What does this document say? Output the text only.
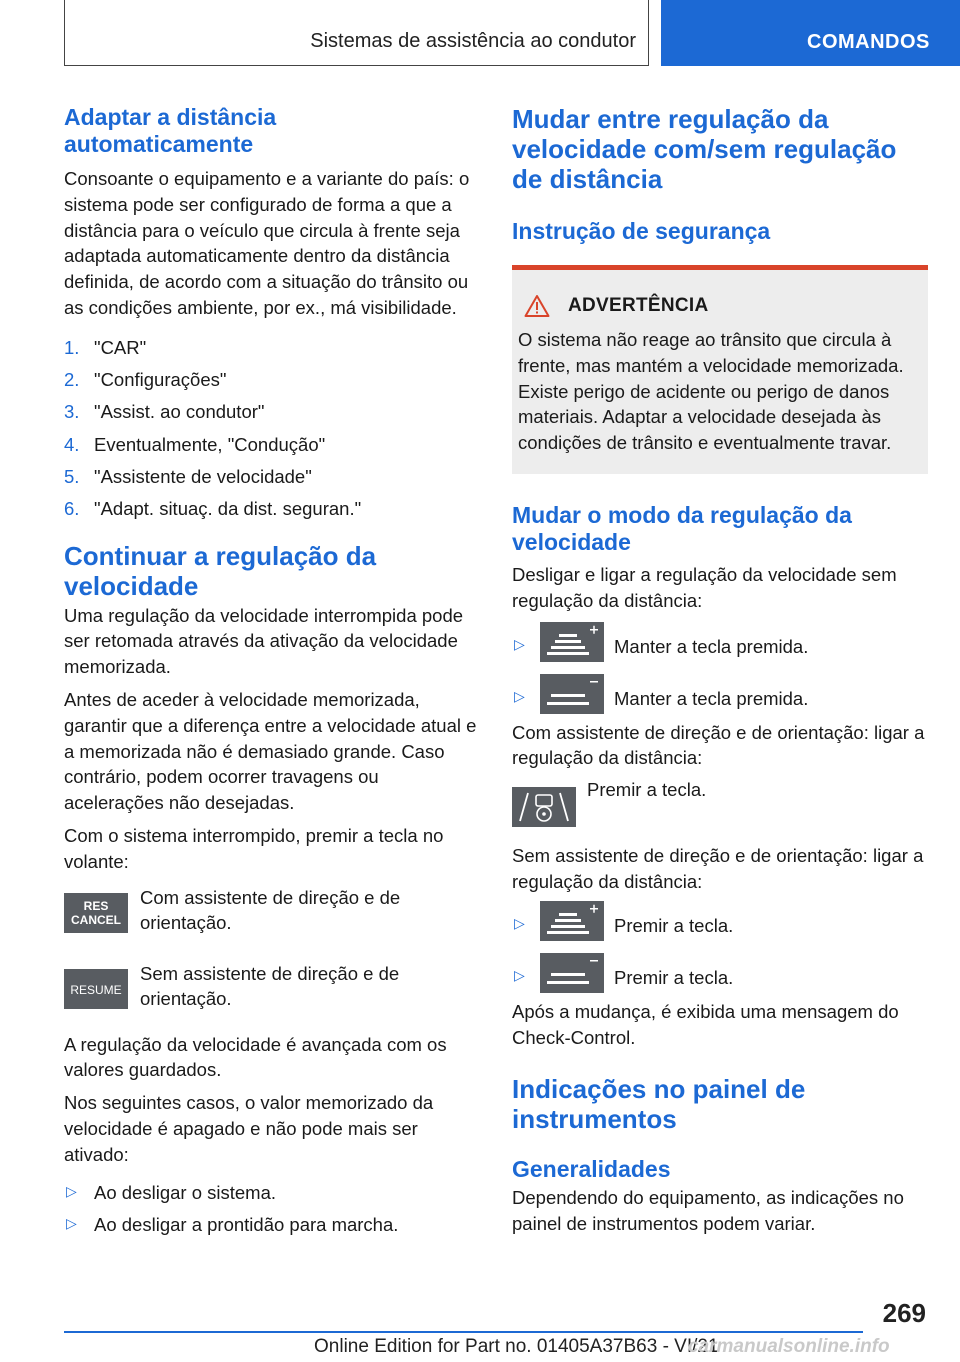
Sistemas de assistência ao condutor	COMANDOS
Adaptar a distância automaticamente

Consoante o equipamento e a variante do país: o sistema pode ser configurado de forma a que a distância para o veículo que circula à frente seja adaptada automaticamente dentro da distância definida, de acordo com a situação do trânsito ou as condições ambiente, por ex., má visibilidade.

1. "CAR"
2. "Configurações"
3. "Assist. ao condutor"
4. Eventualmente, "Condução"
5. "Assistente de velocidade"
6. "Adapt. situaç. da dist. seguran."
Continuar a regulação da velocidade

Uma regulação da velocidade interrompida pode ser retomada através da ativação da velocidade memorizada.

Antes de aceder à velocidade memorizada, garantir que a diferença entre a velocidade atual e a memorizada não é demasiado grande. Caso contrário, podem ocorrer travagens ou acelerações não desejadas.

Com o sistema interrompido, premir a tecla no volante:

RES
CANCEL
Com assistente de direção e de orientação.
RESUME
Sem assistente de direção e de orientação.

A regulação da velocidade é avançada com os valores guardados.

Nos seguintes casos, o valor memorizado da velocidade é apagado e não pode mais ser ativado:

▷ Ao desligar o sistema.
▷ Ao desligar a prontidão para marcha.
Mudar entre regulação da velocidade com/sem regulação de distância
Instrução de segurança
ADVERTÊNCIA

O sistema não reage ao trânsito que circula à frente, mas mantém a velocidade memorizada. Existe perigo de acidente ou perigo de danos materiais. Adaptar a velocidade desejada às condições de trânsito e eventualmente travar.

Mudar o modo da regulação da velocidade

Desligar e ligar a regulação da velocidade sem regulação da distância:

▷	Manter a tecla premida.
▷	Manter a tecla premida.

Com assistente de direção e de orientação: ligar a regulação da distância:

Premir a tecla.

Sem assistente de direção e de orientação: ligar a regulação da distância:

▷	Premir a tecla.
▷	Premir a tecla.

Após a mudança, é exibida uma mensagem do Check-Control.

Indicações no painel de instrumentos
Generalidades

Dependendo do equipamento, as indicações no painel de instrumentos podem variar.

269
Online Edition for Part no. 01405A37B63 - VI/21
carmanualsonline.info
